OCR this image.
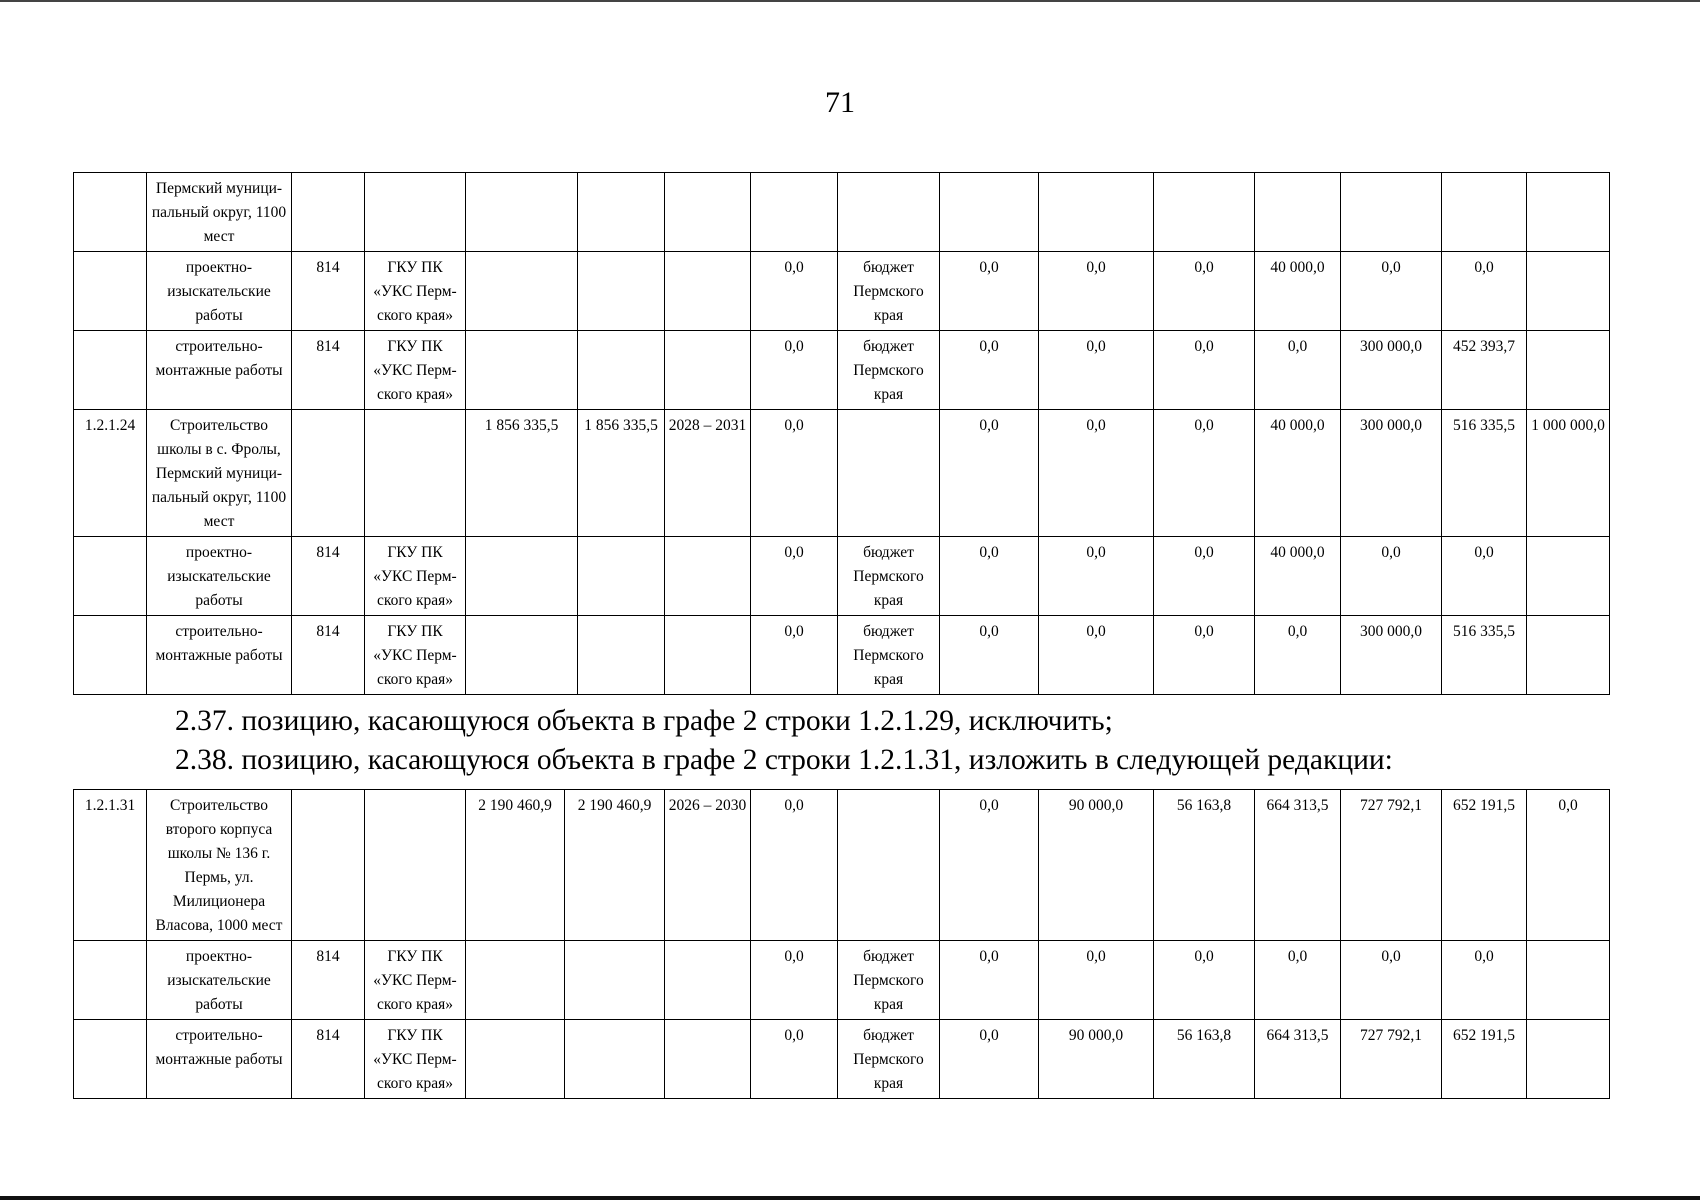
71
	Пермский муници-пальный округ, 1100 мест														
	проектно-изыскательские работы	814	ГКУ ПК «УКС Перм-ского края»				0,0	бюджет Пермского края	0,0	0,0	0,0	40 000,0	0,0	0,0	
	строительно-монтажные работы	814	ГКУ ПК «УКС Перм-ского края»				0,0	бюджет Пермского края	0,0	0,0	0,0	0,0	300 000,0	452 393,7	
1.2.1.24	Строительство школы в с. Фролы, Пермский муници-пальный округ, 1100 мест			1 856 335,5	1 856 335,5	2028 – 2031	0,0		0,0	0,0	0,0	40 000,0	300 000,0	516 335,5	1 000 000,0
	проектно-изыскательские работы	814	ГКУ ПК «УКС Перм-ского края»				0,0	бюджет Пермского края	0,0	0,0	0,0	40 000,0	0,0	0,0	
	строительно-монтажные работы	814	ГКУ ПК «УКС Перм-ского края»				0,0	бюджет Пермского края	0,0	0,0	0,0	0,0	300 000,0	516 335,5	
2.37. позицию, касающуюся объекта в графе 2 строки 1.2.1.29, исключить;
2.38. позицию, касающуюся объекта в графе 2 строки 1.2.1.31, изложить в следующей редакции:
1.2.1.31	Строительство второго корпуса школы № 136 г. Пермь, ул. Милиционера Власова, 1000 мест			2 190 460,9	2 190 460,9	2026 – 2030	0,0		0,0	90 000,0	56 163,8	664 313,5	727 792,1	652 191,5	0,0
	проектно-изыскательские работы	814	ГКУ ПК «УКС Перм-ского края»				0,0	бюджет Пермского края	0,0	0,0	0,0	0,0	0,0	0,0	
	строительно-монтажные работы	814	ГКУ ПК «УКС Перм-ского края»				0,0	бюджет Пермского края	0,0	90 000,0	56 163,8	664 313,5	727 792,1	652 191,5	
